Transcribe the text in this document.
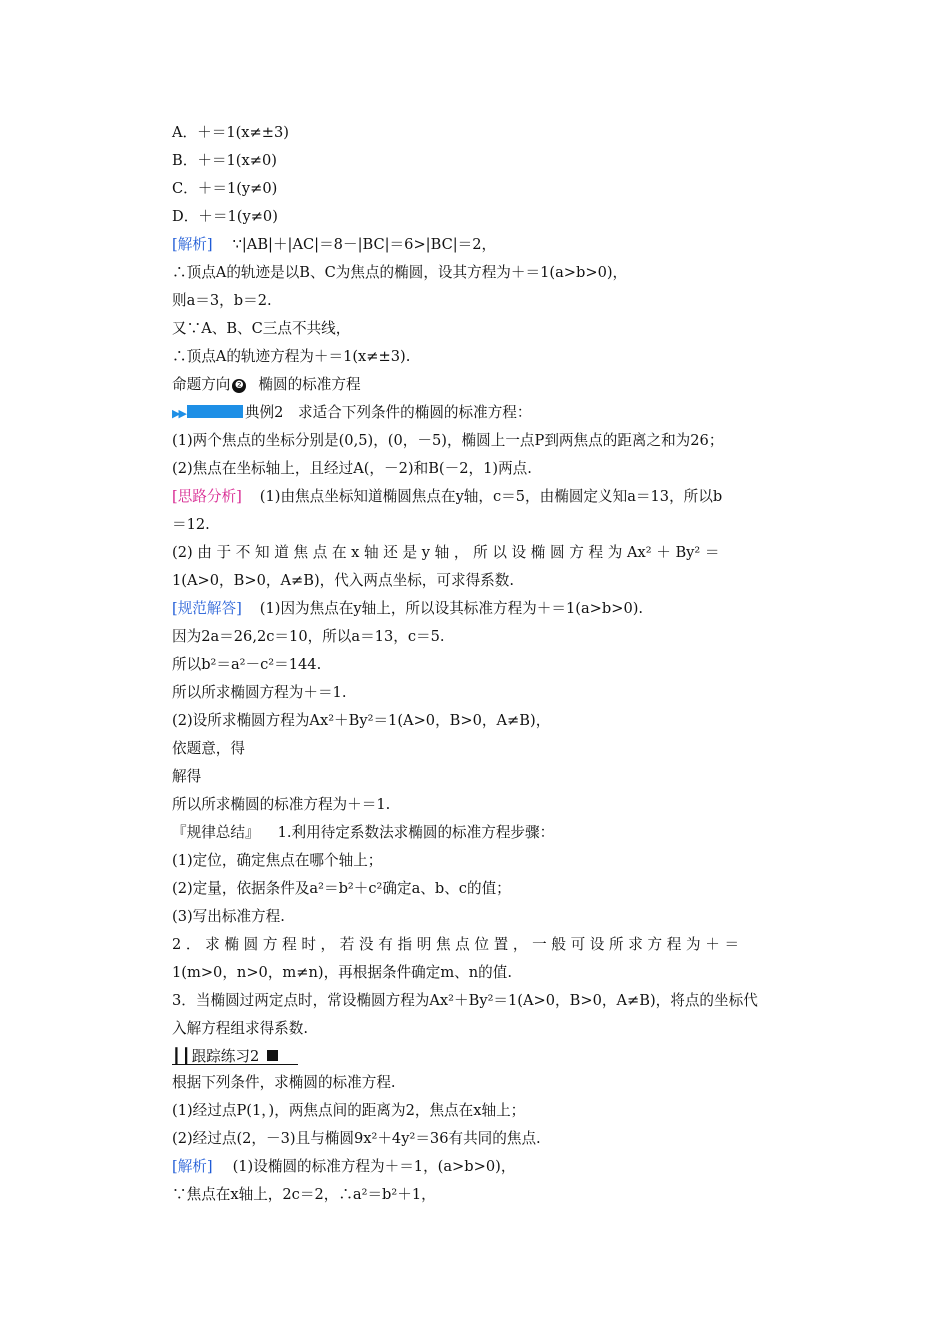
A．＋＝1(x≠±3)
B．＋＝1(x≠0)
C．＋＝1(y≠0)
D．＋＝1(y≠0)
[解析] ∵|AB|＋|AC|＝8－|BC|＝6>|BC|＝2，
∴顶点A的轨迹是以B、C为焦点的椭圆，设其方程为＋＝1(a>b>0)，
则a＝3，b＝2.
又∵A、B、C三点不共线，
∴顶点A的轨迹方程为＋＝1(x≠±3).
命题方向 ❷ 椭圆的标准方程
▶▶	典例2　求适合下列条件的椭圆的标准方程：
(1)两个焦点的坐标分别是(0,5)，(0，－5)，椭圆上一点P到两焦点的距离之和为26；
(2)焦点在坐标轴上，且经过A(，－2)和B(－2，1)两点.
[思路分析] (1)由焦点坐标知道椭圆焦点在y轴，c＝5，由椭圆定义知a＝13，所以b
＝12.
(2) 由 于 不 知 道 焦 点 在 x 轴 还 是 y 轴 ， 所 以 设 椭 圆 方 程 为 Ax² ＋ By² ＝
1(A>0，B>0，A≠B)，代入两点坐标，可求得系数.
[规范解答] (1)因为焦点在y轴上，所以设其标准方程为＋＝1(a>b>0).
因为2a＝26,2c＝10，所以a＝13，c＝5.
所以b²＝a²－c²＝144.
所以所求椭圆方程为＋＝1.
(2)设所求椭圆方程为Ax²＋By²＝1(A>0，B>0，A≠B)，
依题意，得
解得
所以所求椭圆的标准方程为＋＝1.
『规律总结』 1.利用待定系数法求椭圆的标准方程步骤：
(1)定位，确定焦点在哪个轴上；
(2)定量，依据条件及a²＝b²＋c²确定a、b、c的值；
(3)写出标准方程.
2 ． 求 椭 圆 方 程 时 ， 若 没 有 指 明 焦 点 位 置 ， 一 般 可 设 所 求 方 程 为 ＋ ＝
1(m>0，n>0，m≠n)，再根据条件确定m、n的值.
3．当椭圆过两定点时，常设椭圆方程为Ax²＋By²＝1(A>0，B>0，A≠B)，将点的坐标代
入解方程组求得系数.
┃┃跟踪练习2
根据下列条件，求椭圆的标准方程.
(1)经过点P(1，)，两焦点间的距离为2，焦点在x轴上；
(2)经过点(2，－3)且与椭圆9x²＋4y²＝36有共同的焦点.
[解析] (1)设椭圆的标准方程为＋＝1，(a>b>0)，
∵焦点在x轴上，2c＝2，∴a²＝b²＋1，
